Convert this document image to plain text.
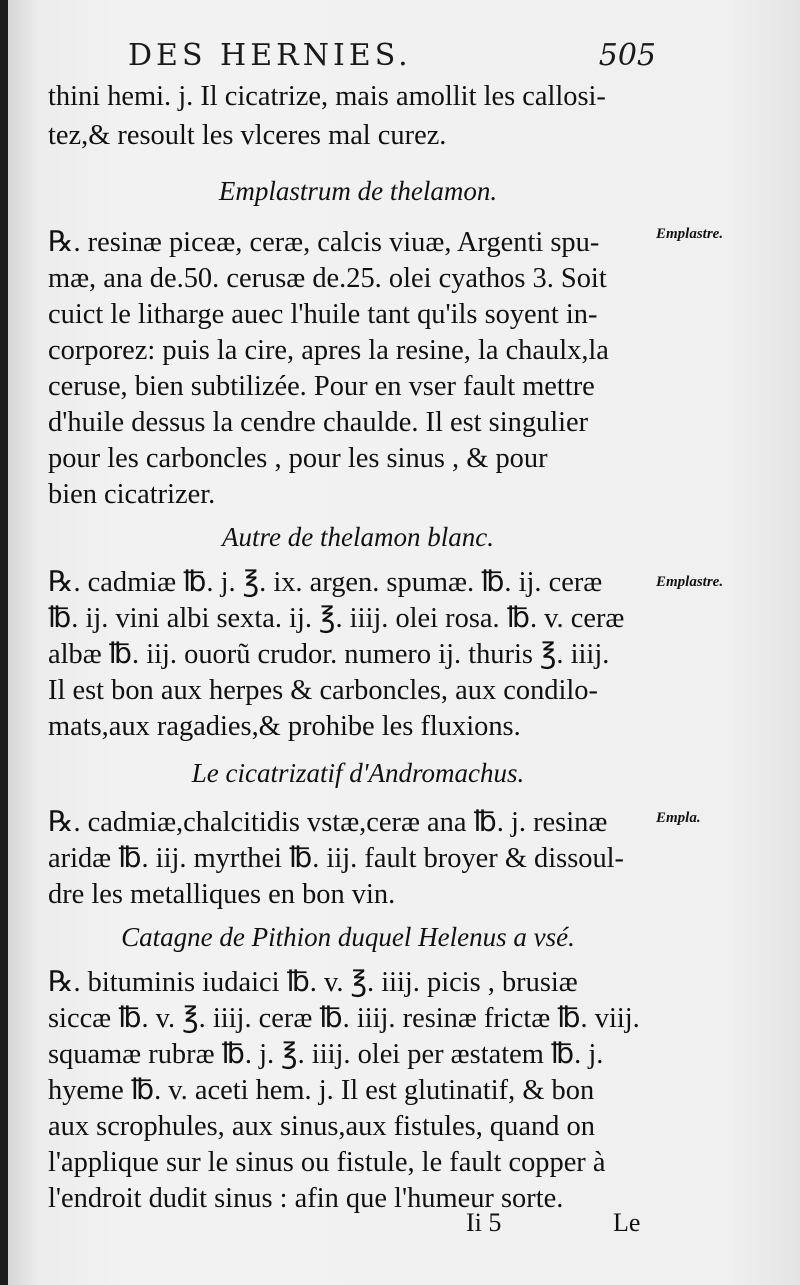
DES HERNIES.	505
thini hemi. j. Il cicatrize, mais amollit les callosi-
tez,& resoult les vlceres mal curez.
Emplastrum de thelamon.
℞. resinæ piceæ, ceræ, calcis viuæ, Argenti spu-	Emplastre.
mæ, ana de.50. cerusæ de.25. olei cyathos 3. Soit
cuict le litharge auec l'huile tant qu'ils soyent in-
corporez: puis la cire, apres la resine, la chaulx,la
ceruse, bien subtilizée. Pour en vser fault mettre
d'huile dessus la cendre chaulde. Il est singulier
pour les carboncles , pour les sinus , & pour
bien cicatrizer.
Autre de thelamon blanc.
℞. cadmiæ ℔. j. ℥. ix. argen. spumæ. ℔. ij. ceræ	Emplastre.
℔. ij. vini albi sexta. ij. ℥. iiij. olei rosa. ℔. v. ceræ
albæ ℔. iij. ouorũ crudor. numero ij. thuris ℥. iiij.
Il est bon aux herpes & carboncles, aux condilo-
mats,aux ragadies,& prohibe les fluxions.
Le cicatrizatif d'Andromachus.
℞. cadmiæ,chalcitidis vstæ,ceræ ana ℔. j. resinæ	Empla.
aridæ ℔. iij. myrthei ℔. iij. fault broyer & dissoul-
dre les metalliques en bon vin.
Catagne de Pithion duquel Helenus a vsé.
℞. bituminis iudaici ℔. v. ℥. iiij. picis , brusiæ
siccæ ℔. v. ℥. iiij. ceræ ℔. iiij. resinæ frictæ ℔. viij.
squamæ rubræ ℔. j. ℥. iiij. olei per æstatem ℔. j.
hyeme ℔. v. aceti hem. j. Il est glutinatif, & bon
aux scrophules, aux sinus,aux fistules, quand on
l'applique sur le sinus ou fistule, le fault copper à
l'endroit dudit sinus : afin que l'humeur sorte.
Ii 5	Le
